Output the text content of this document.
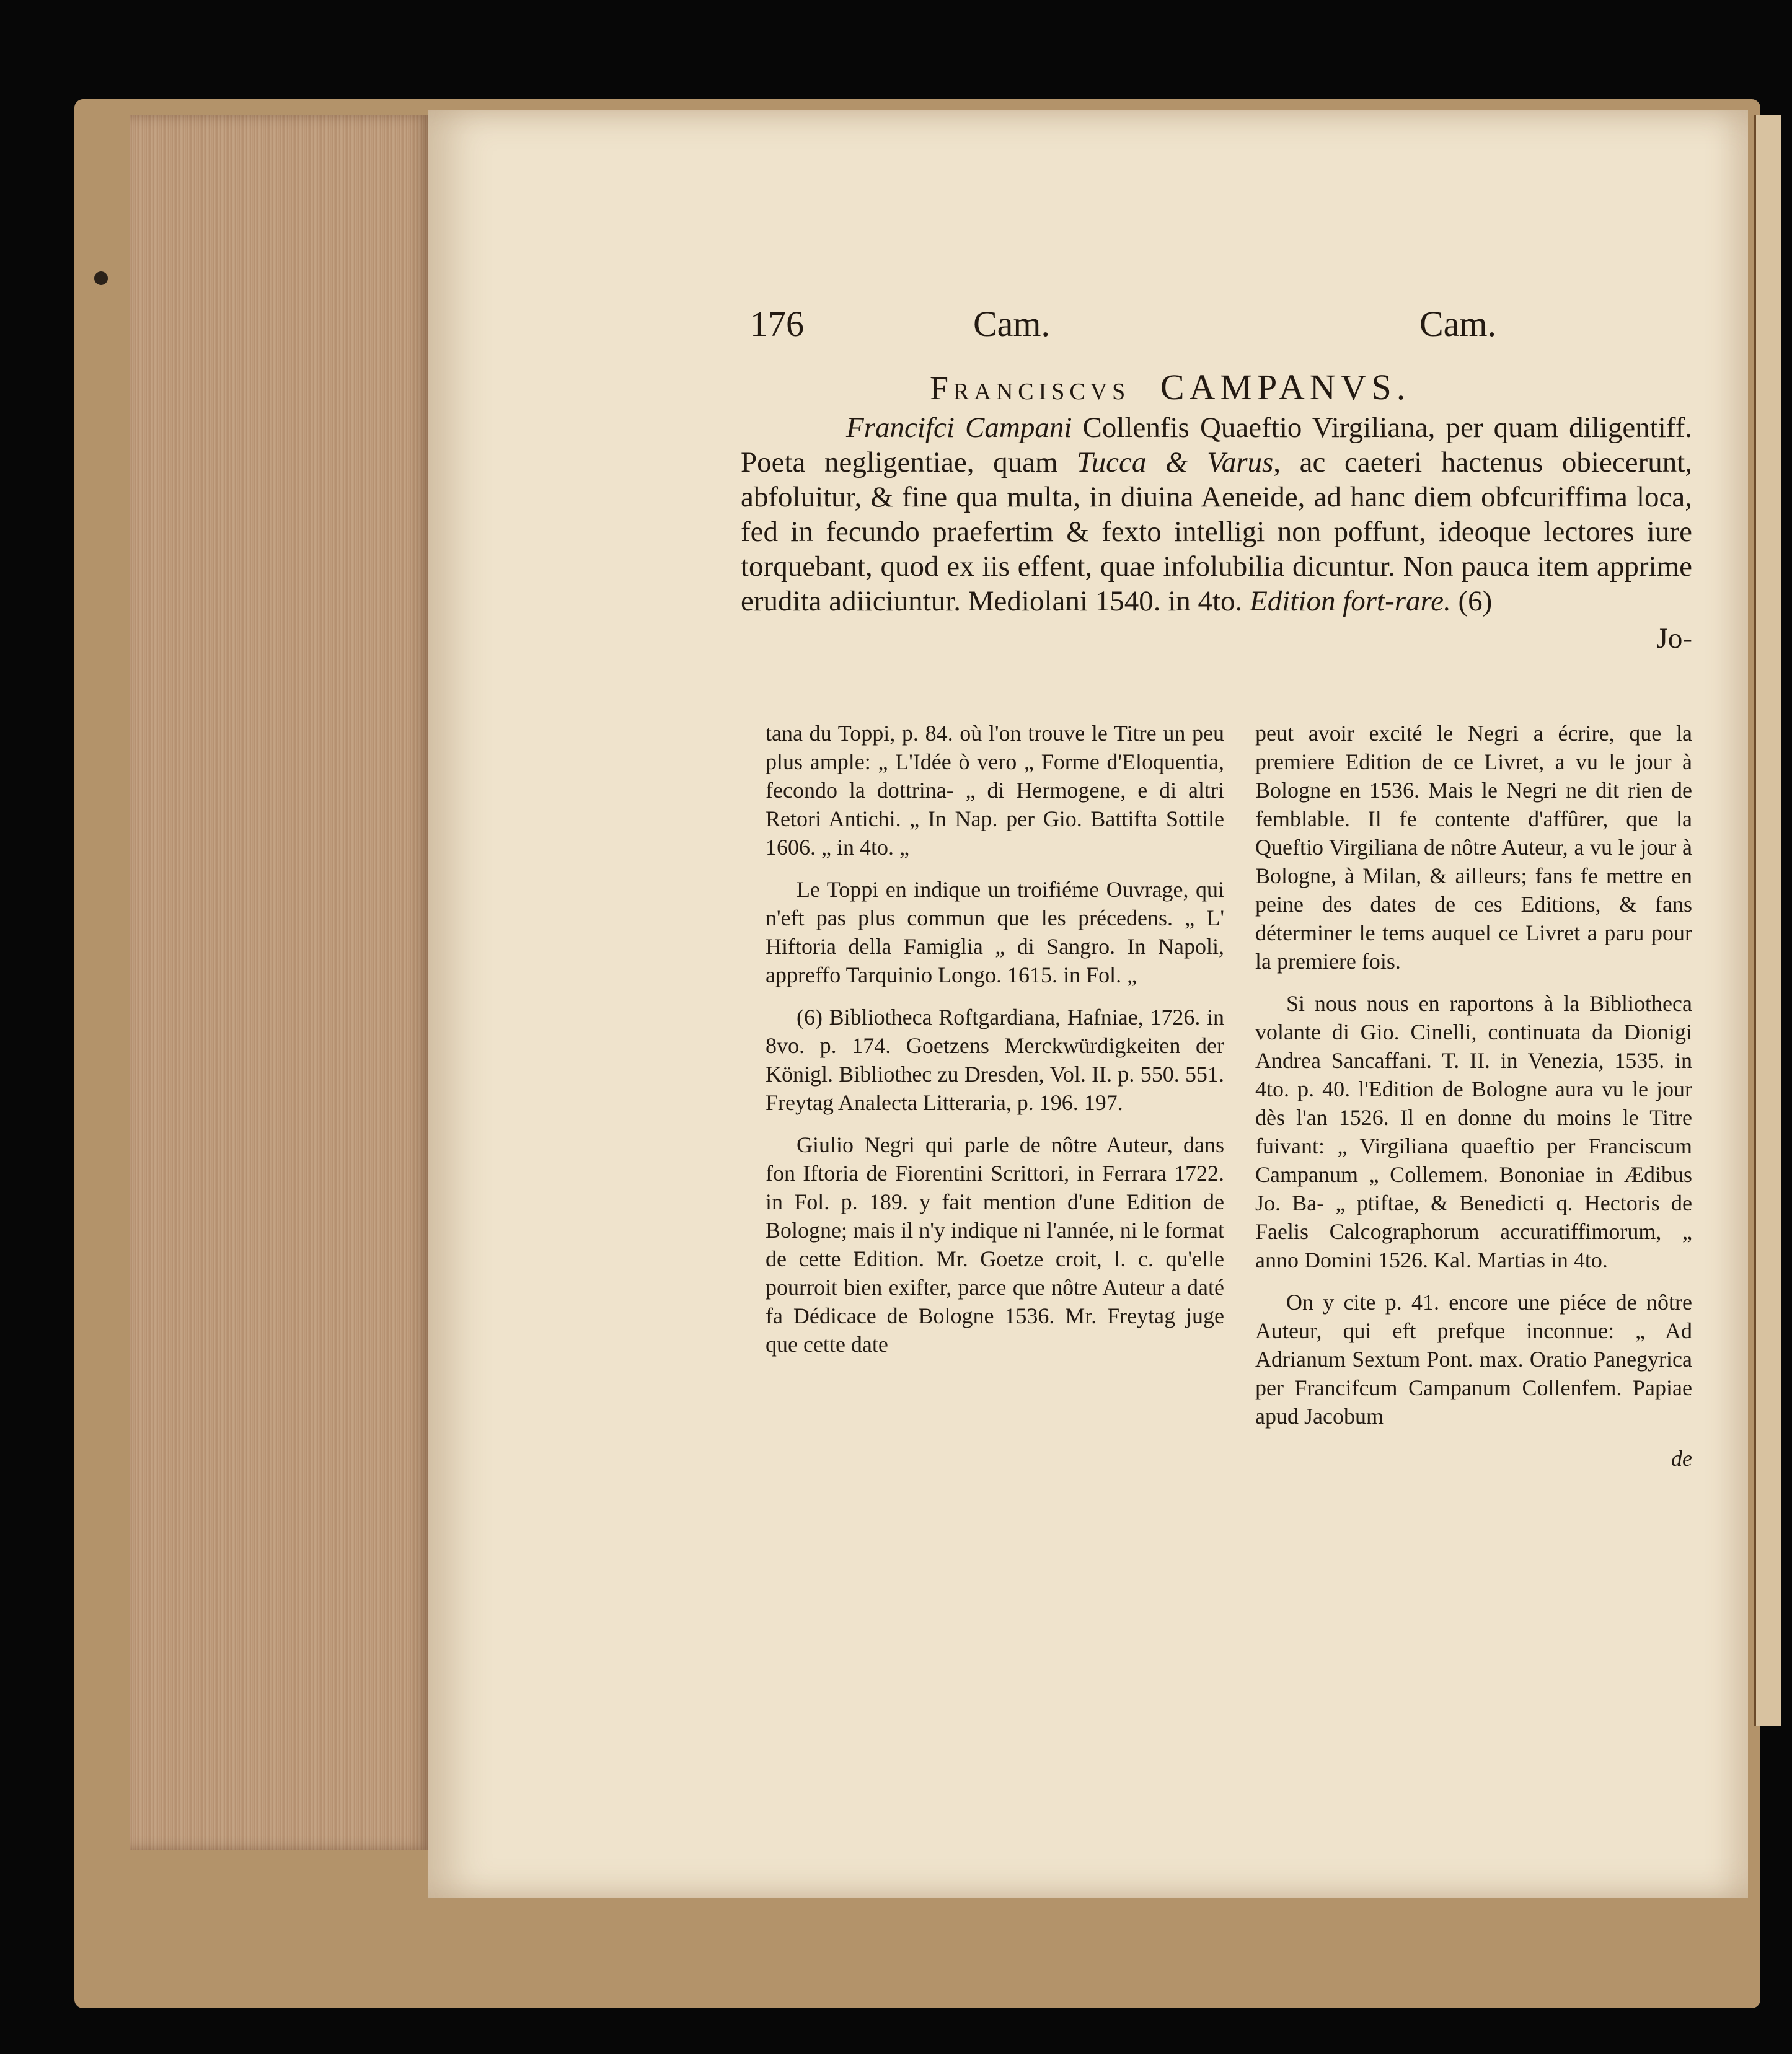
176	Cam.	Cam.
Franciscvs CAMPANVS.

Francifci Campani Collenfis Quaeftio Virgiliana, per quam diligentiff. Poeta negligentiae, quam Tucca & Varus, ac caeteri hactenus obiecerunt, abfoluitur, & fine qua multa, in diuina Aeneide, ad hanc diem obfcuriffima loca, fed in fecundo praefertim & fexto intelligi non poffunt, ideoque lectores iure torquebant, quod ex iis effent, quae infolubilia dicuntur. Non pauca item apprime erudita adiiciuntur. Mediolani 1540. in 4to. Edition fort-rare. (6)

Jo-

tana du Toppi, p. 84. où l'on trouve le Titre un peu plus ample: „ L'Idée ò vero „ Forme d'Eloquentia, fecondo la dottrina- „ di Hermogene, e di altri Retori Antichi. „ In Nap. per Gio. Battifta Sottile 1606. „ in 4to. „

Le Toppi en indique un troifiéme Ouvrage, qui n'eft pas plus commun que les précedens. „ L' Hiftoria della Famiglia „ di Sangro. In Napoli, appreffo Tarquinio Longo. 1615. in Fol. „

(6) Bibliotheca Roftgardiana, Hafniae, 1726. in 8vo. p. 174. Goetzens Merckwürdigkeiten der Königl. Bibliothec zu Dresden, Vol. II. p. 550. 551. Freytag Analecta Litteraria, p. 196. 197.

Giulio Negri qui parle de nôtre Auteur, dans fon Iftoria de Fiorentini Scrittori, in Ferrara 1722. in Fol. p. 189. y fait mention d'une Edition de Bologne; mais il n'y indique ni l'année, ni le format de cette Edition. Mr. Goetze croit, l. c. qu'elle pourroit bien exifter, parce que nôtre Auteur a daté fa Dédicace de Bologne 1536. Mr. Freytag juge que cette date

peut avoir excité le Negri a écrire, que la premiere Edition de ce Livret, a vu le jour à Bologne en 1536. Mais le Negri ne dit rien de femblable. Il fe contente d'affûrer, que la Queftio Virgiliana de nôtre Auteur, a vu le jour à Bologne, à Milan, & ailleurs; fans fe mettre en peine des dates de ces Editions, & fans déterminer le tems auquel ce Livret a paru pour la premiere fois.

Si nous nous en raportons à la Bibliotheca volante di Gio. Cinelli, continuata da Dionigi Andrea Sancaffani. T. II. in Venezia, 1535. in 4to. p. 40. l'Edition de Bologne aura vu le jour dès l'an 1526. Il en donne du moins le Titre fuivant: „ Virgiliana quaeftio per Franciscum Campanum „ Collemem. Bononiae in Ædibus Jo. Ba- „ ptiftae, & Benedicti q. Hectoris de Faelis Calcographorum accuratiffimorum, „ anno Domini 1526. Kal. Martias in 4to.

On y cite p. 41. encore une piéce de nôtre Auteur, qui eft prefque inconnue: „ Ad Adrianum Sextum Pont. max. Oratio Panegyrica per Francifcum Campanum Collenfem. Papiae apud Jacobum

de
